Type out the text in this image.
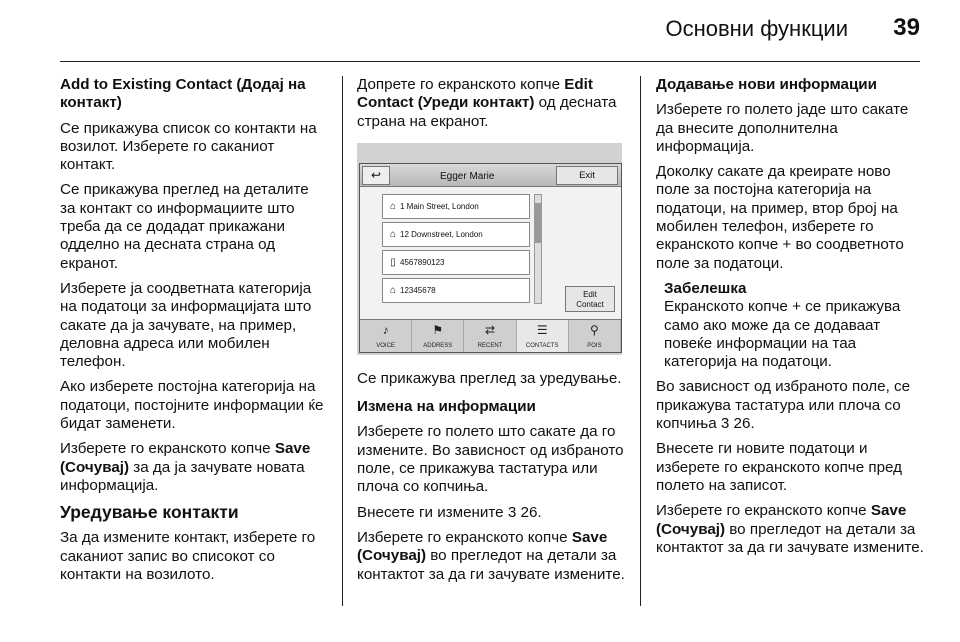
Основни функции 39

Add to Existing Contact (Додај на контакт)

Се прикажува список со контакти на возилот. Изберете го саканиот контакт.

Се прикажува преглед на деталите за контакт со информациите што треба да се додадат прикажани одделно на десната страна од екранот.

Изберете ја соодветната категорија на податоци за информацијата што сакате да ја зачувате, на пример, деловна адреса или мобилен телефон.

Ако изберете постојна категорија на податоци, постојните информации ќе бидат заменети.

Изберете го екранското копче Save (Сочувај) за да ја зачувате новата информација.

Уредување контакти

За да измените контакт, изберете го саканиот запис во списокот со контакти на возилото.

Допрете го екранското копче Edit Contact (Уреди контакт) од десната страна на екранот.

↩	Egger Marie	Exit
⌂ 1 Main Street, London
⌂ 12 Downstreet, London
▯ 4567890123
⌂ 12345678	Edit
Contact
♪
VOICE
⚑
ADDRESS
⇄
RECENT
☰
CONTACTS
⚲
POIS

Се прикажува преглед за уредување.

Измена на информации

Изберете го полето што сакате да го измените. Во зависност од избраното поле, се прикажува тастатура или плоча со копчиња.

Внесете ги измените 3 26.

Изберете го екранското копче Save (Сочувај) во прегледот на детали за контактот за да ги зачувате измените.

Додавање нови информации

Изберете го полето јаде што сакате да внесите дополнителна информација.

Доколку сакате да креирате ново поле за постојна категорија на податоци, на пример, втор број на мобилен телефон, изберете го екранското копче + во соодветното поле за податоци.

Забелешка
Екранското копче + се прикажува само ако може да се додаваат повеќе информации на таа категорија на податоци.

Во зависност од избраното поле, се прикажува тастатура или плоча со копчиња 3 26.

Внесете ги новите податоци и изберете го екранското копче пред полето на записот.

Изберете го екранското копче Save (Сочувај) во прегледот на детали за контактот за да ги зачувате измените.
